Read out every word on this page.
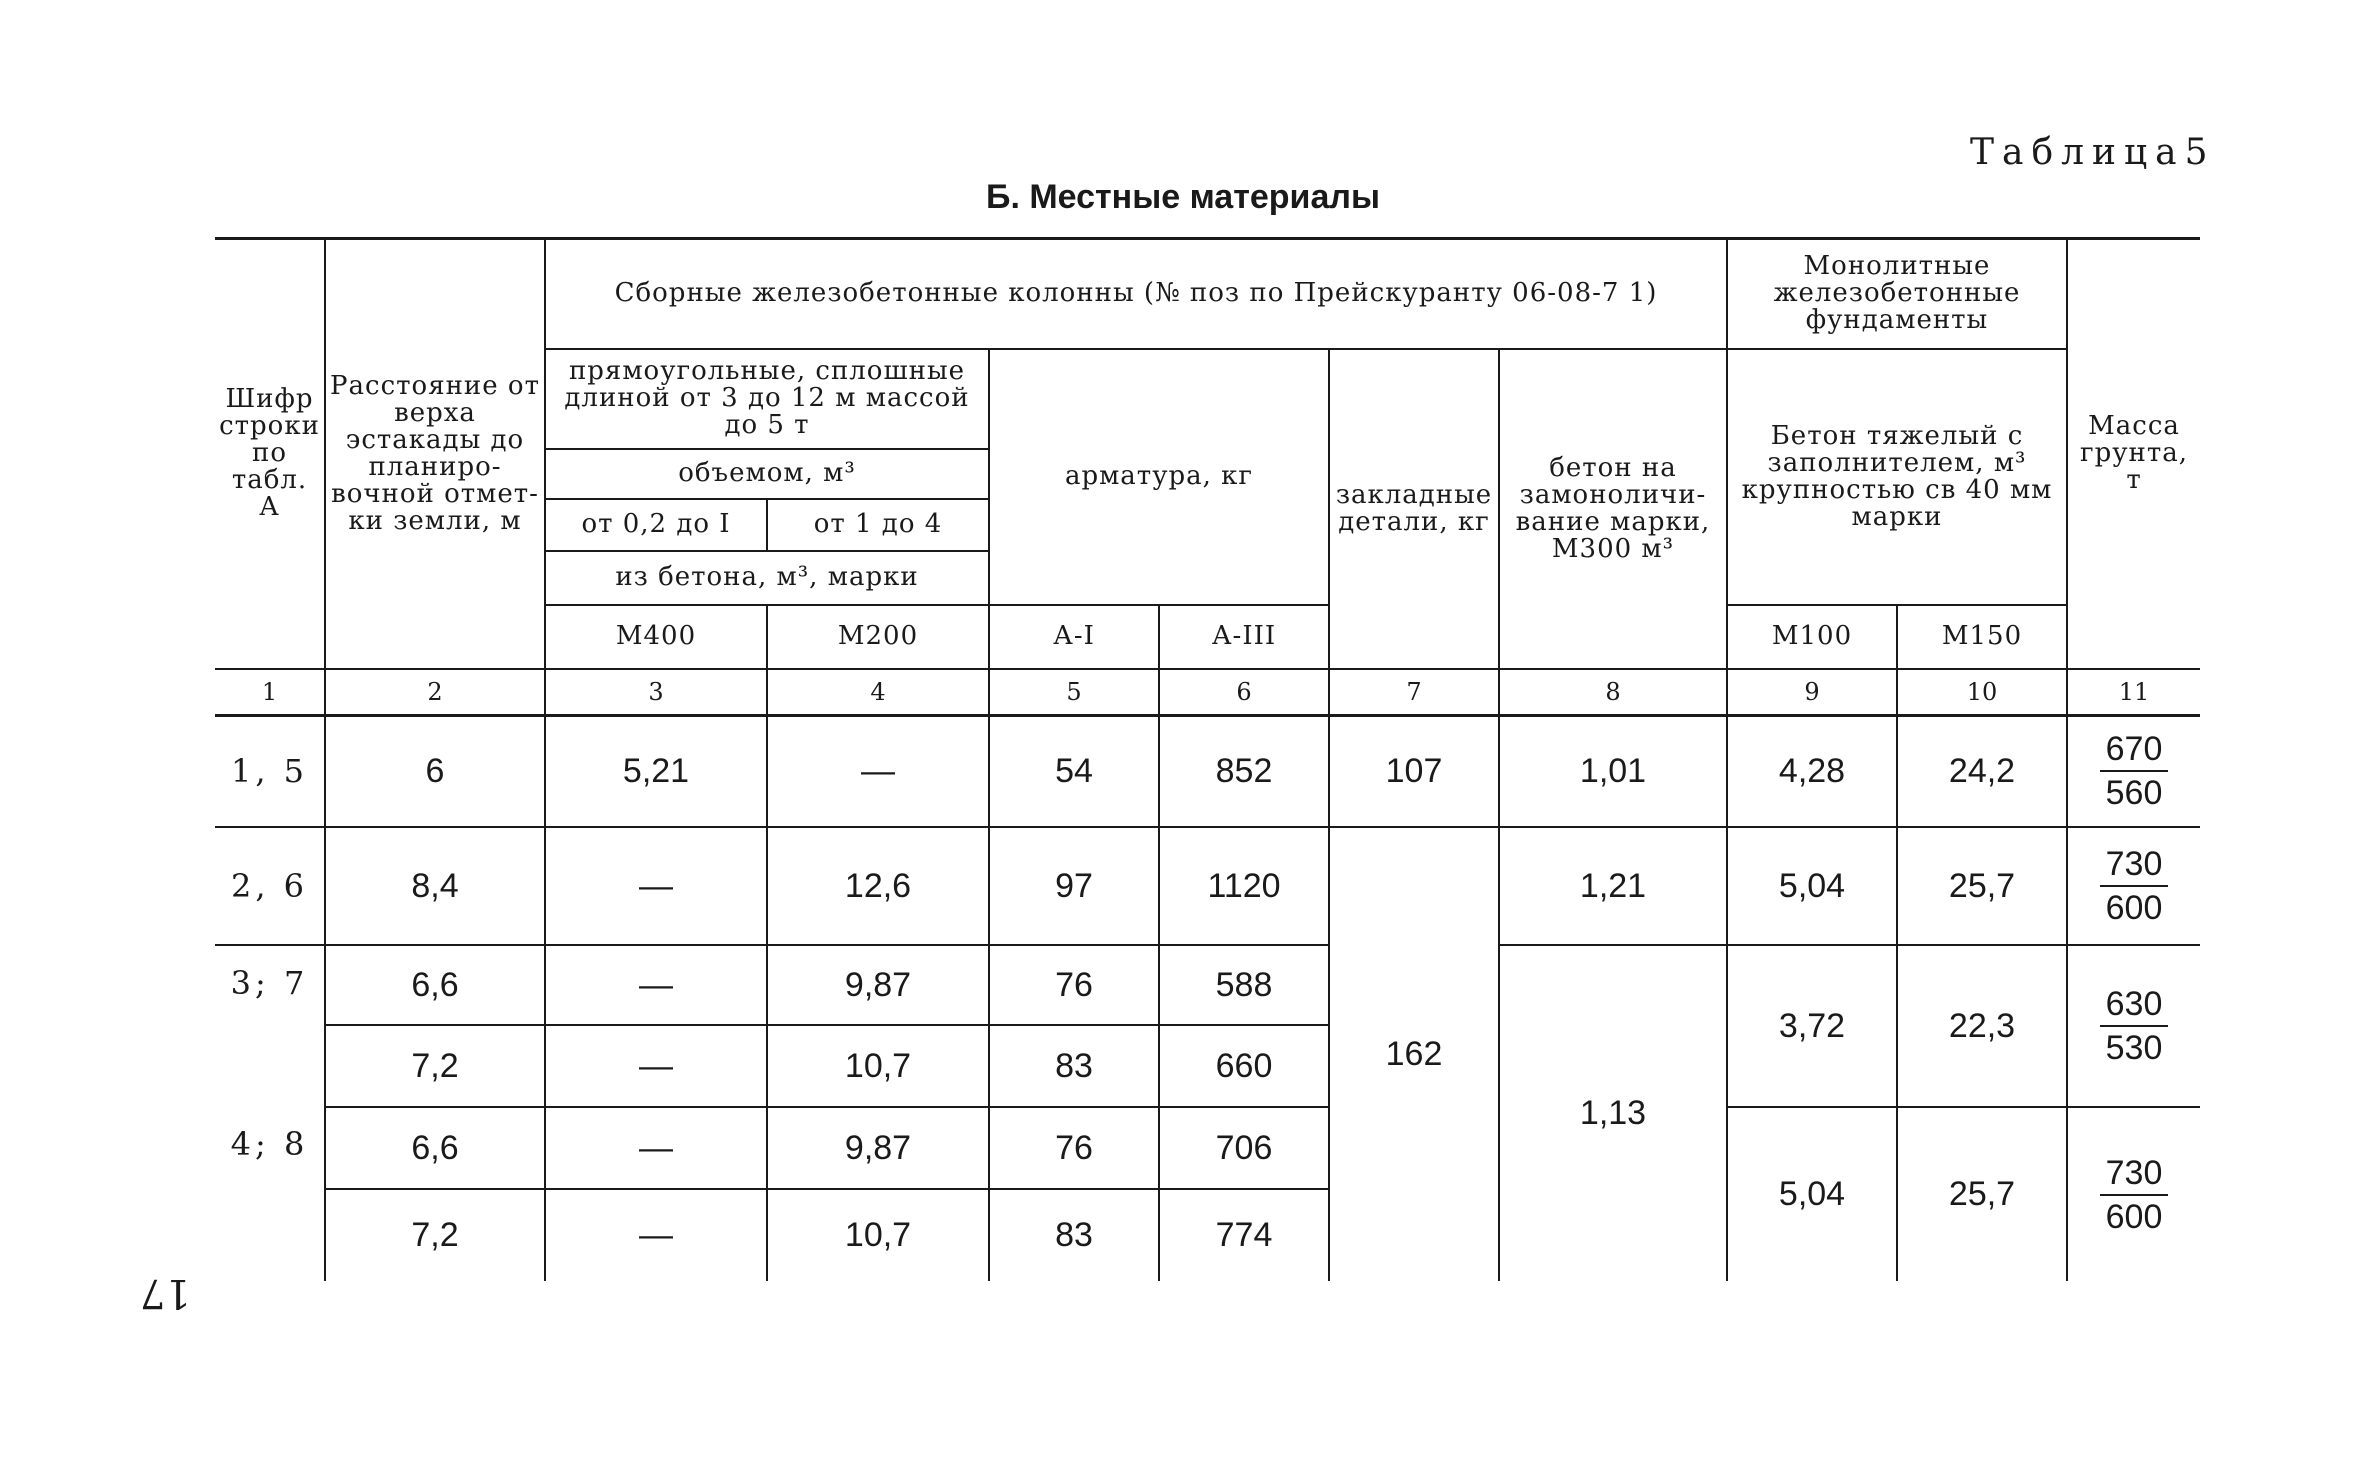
Таблица5
Б. Местные материалы
17
Шифр строки по табл. А	Расстояние от верха эстакады до планиро-вочной отмет-ки земли, м	Сборные железобетонные колонны (№ поз по Прейскуранту 06-08-7 1)						Монолитные железобетонные фундаменты		Масса грунта, т
		прямоугольные, сплошные длиной от 3 до 12 м массой до 5 т		арматура, кг		закладные детали, кг	бетон на замоноличи-вание марки, М300 м³	Бетон тяжелый с заполнителем, м³ крупностью св 40 мм марки		
		объемом, м³								
		от 0,2 до I	от 1 до 4							
		из бетона, м³, марки								
		М400	М200	А-I	А-III			М100	М150	
1	2	3	4	5	6	7	8	9	10	11
1, 5	6	5,21	—	54	852	107	1,01	4,28	24,2	$\frac{670}{560}$

2, 6	8,4	—	12,6	97	1120	162	1,21	5,04	25,7	$\frac{730}{600}$

3; 7	6,6	—	9,87	76	588		1,13	3,72	22,3	$\frac{630}{530}$

	7,2	—	10,7	83	660					
4; 8	6,6	—	9,87	76	706			5,04	25,7	$\frac{730}{600}$

	7,2	—	10,7	83	774					
